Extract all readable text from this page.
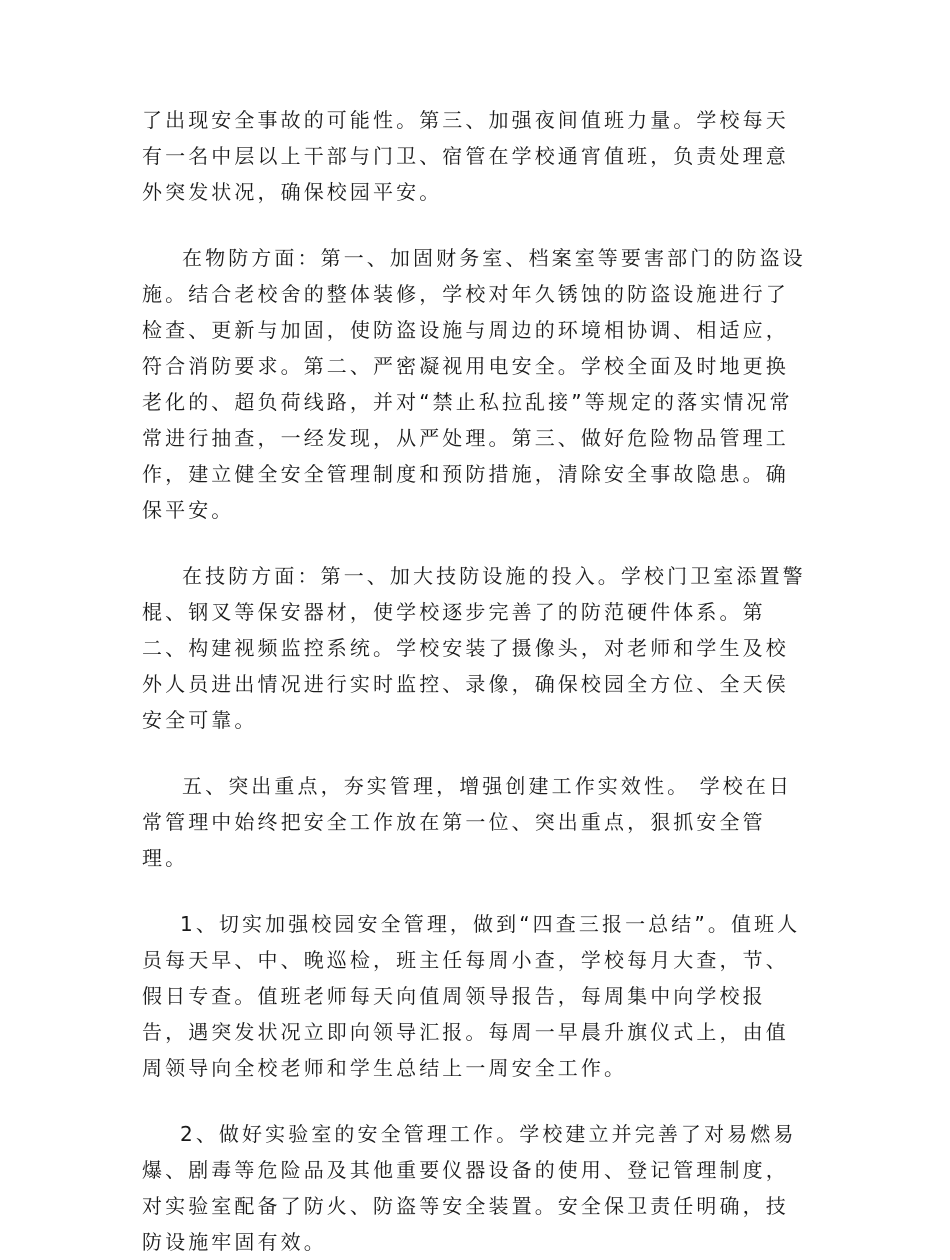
了出现安全事故的可能性。第三、加强夜间值班力量。学校每天有一名中层以上干部与门卫、宿管在学校通宵值班，负责处理意外突发状况，确保校园平安。

在物防方面：第一、加固财务室、档案室等要害部门的防盗设施。结合老校舍的整体装修，学校对年久锈蚀的防盗设施进行了检查、更新与加固，使防盗设施与周边的环境相协调、相适应，符合消防要求。第二、严密凝视用电安全。学校全面及时地更换老化的、超负荷线路，并对“禁止私拉乱接”等规定的落实情况常常进行抽查，一经发现，从严处理。第三、做好危险物品管理工作，建立健全安全管理制度和预防措施，清除安全事故隐患。确保平安。

在技防方面：第一、加大技防设施的投入。学校门卫室添置警棍、钢叉等保安器材，使学校逐步完善了的防范硬件体系。第二、构建视频监控系统。学校安装了摄像头，对老师和学生及校外人员进出情况进行实时监控、录像，确保校园全方位、全天侯安全可靠。

五、突出重点，夯实管理，增强创建工作实效性。 学校在日常管理中始终把安全工作放在第一位、突出重点，狠抓安全管理。

1、切实加强校园安全管理，做到“四查三报一总结”。值班人员每天早、中、晚巡检，班主任每周小查，学校每月大查，节、假日专查。值班老师每天向值周领导报告，每周集中向学校报告，遇突发状况立即向领导汇报。每周一早晨升旗仪式上，由值周领导向全校老师和学生总结上一周安全工作。

2、做好实验室的安全管理工作。学校建立并完善了对易燃易爆、剧毒等危险品及其他重要仪器设备的使用、登记管理制度，对实验室配备了防火、防盗等安全装置。安全保卫责任明确，技防设施牢固有效。
